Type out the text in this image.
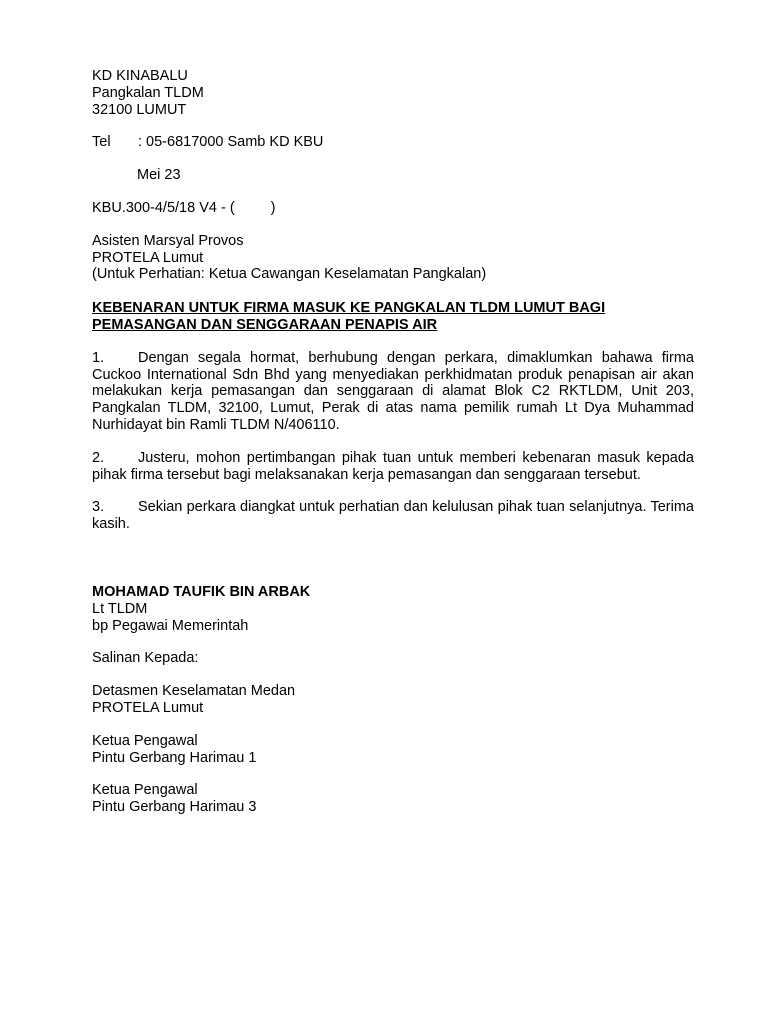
KD KINABALU
Pangkalan TLDM
32100 LUMUT
Tel	: 05-6817000 Samb KD KBU
Mei 23
KBU.300-4/5/18 V4 - ( )
Asisten Marsyal Provos
PROTELA Lumut
(Untuk Perhatian: Ketua Cawangan Keselamatan Pangkalan)
KEBENARAN UNTUK FIRMA MASUK KE PANGKALAN TLDM LUMUT BAGI
PEMASANGAN DAN SENGGARAAN PENAPIS AIR
1. Dengan segala hormat, berhubung dengan perkara, dimaklumkan bahawa firma Cuckoo International Sdn Bhd yang menyediakan perkhidmatan produk penapisan air akan melakukan kerja pemasangan dan senggaraan di alamat Blok C2 RKTLDM, Unit 203, Pangkalan TLDM, 32100, Lumut, Perak di atas nama pemilik rumah Lt Dya Muhammad Nurhidayat bin Ramli TLDM N/406110.
2. Justeru, mohon pertimbangan pihak tuan untuk memberi kebenaran masuk kepada pihak firma tersebut bagi melaksanakan kerja pemasangan dan senggaraan tersebut.
3. Sekian perkara diangkat untuk perhatian dan kelulusan pihak tuan selanjutnya. Terima kasih.
MOHAMAD TAUFIK BIN ARBAK
Lt TLDM
bp Pegawai Memerintah
Salinan Kepada:
Detasmen Keselamatan Medan
PROTELA Lumut
Ketua Pengawal
Pintu Gerbang Harimau 1
Ketua Pengawal
Pintu Gerbang Harimau 3
